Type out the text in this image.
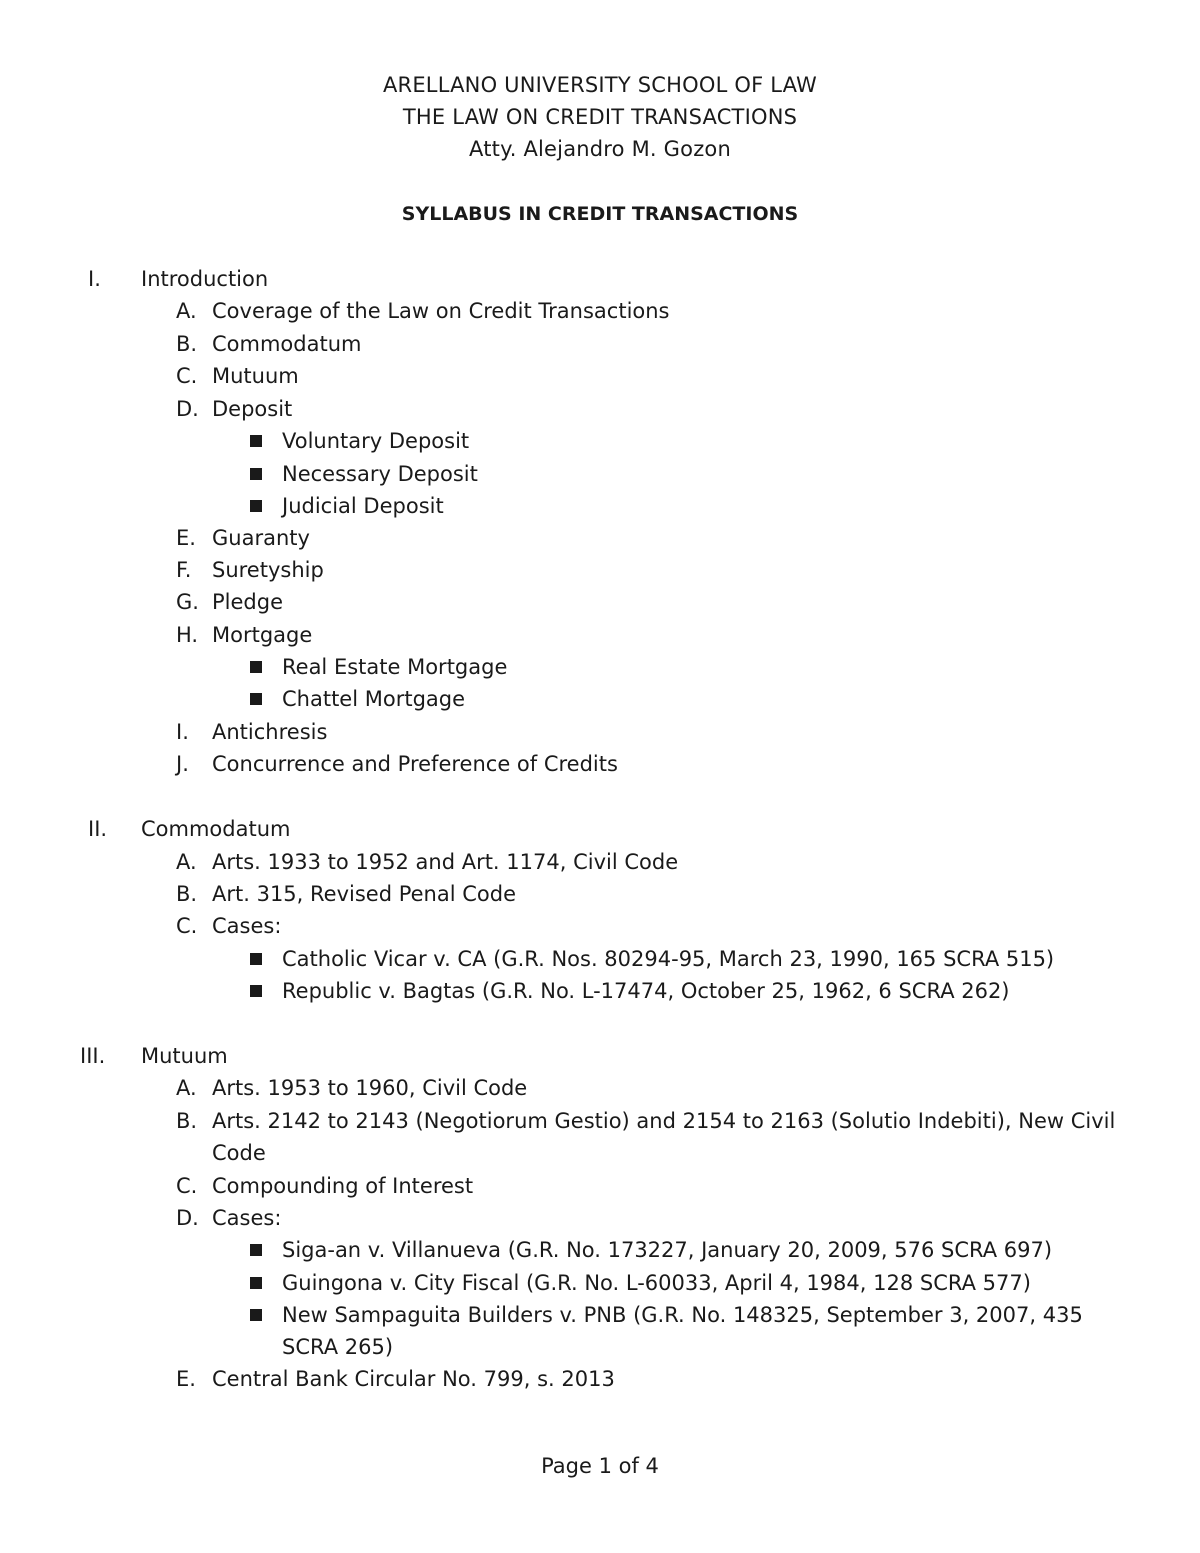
ARELLANO UNIVERSITY SCHOOL OF LAW
THE LAW ON CREDIT TRANSACTIONS
Atty. Alejandro M. Gozon
SYLLABUS IN CREDIT TRANSACTIONS
I. Introduction
A. Coverage of the Law on Credit Transactions
B. Commodatum
C. Mutuum
D. Deposit
Voluntary Deposit
Necessary Deposit
Judicial Deposit
E. Guaranty
F. Suretyship
G. Pledge
H. Mortgage
Real Estate Mortgage
Chattel Mortgage
I. Antichresis
J. Concurrence and Preference of Credits
II. Commodatum
A. Arts. 1933 to 1952 and Art. 1174, Civil Code
B. Art. 315, Revised Penal Code
C. Cases:
Catholic Vicar v. CA (G.R. Nos. 80294-95, March 23, 1990, 165 SCRA 515)
Republic v. Bagtas (G.R. No. L-17474, October 25, 1962, 6 SCRA 262)
III. Mutuum
A. Arts. 1953 to 1960, Civil Code
B. Arts. 2142 to 2143 (Negotiorum Gestio) and 2154 to 2163 (Solutio Indebiti), New Civil
Code
C. Compounding of Interest
D. Cases:
Siga-an v. Villanueva (G.R. No. 173227, January 20, 2009, 576 SCRA 697)
Guingona v. City Fiscal (G.R. No. L-60033, April 4, 1984, 128 SCRA 577)
New Sampaguita Builders v. PNB (G.R. No. 148325, September 3, 2007, 435
SCRA 265)
E. Central Bank Circular No. 799, s. 2013
Page 1 of 4
